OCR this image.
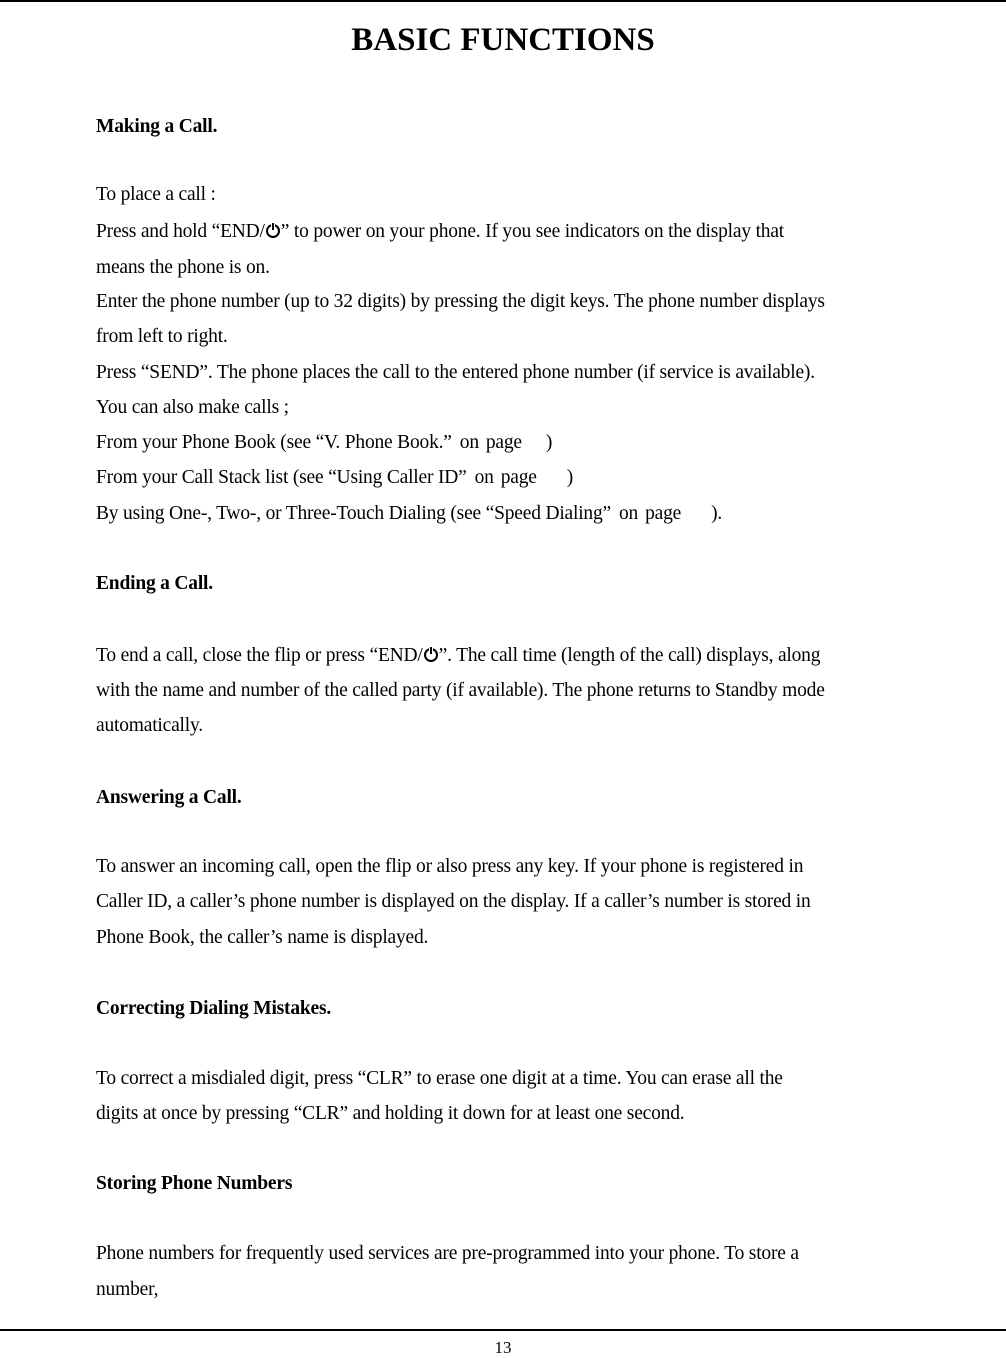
BASIC FUNCTIONS
Making a Call.
To place a call :
Press and hold “END/ ” to power on your phone. If you see indicators on the display that
means the phone is on.
Enter the phone number (up to 32 digits) by pressing the digit keys. The phone number displays
from left to right.
Press “SEND”. The phone places the call to the entered phone number (if service is available).
You can also make calls ;
From your Phone Book (see “V. Phone Book.” on page )
From your Call Stack list (see “Using Caller ID” on page )
By using One-, Two-, or Three-Touch Dialing (see “Speed Dialing” on page ).
Ending a Call.
To end a call, close the flip or press “END/ ”. The call time (length of the call) displays, along
with the name and number of the called party (if available). The phone returns to Standby mode
automatically.
Answering a Call.
To answer an incoming call, open the flip or also press any key. If your phone is registered in
Caller ID, a caller’s phone number is displayed on the display. If a caller’s number is stored in
Phone Book, the caller’s name is displayed.
Correcting Dialing Mistakes.
To correct a misdialed digit, press “CLR” to erase one digit at a time. You can erase all the
digits at once by pressing “CLR” and holding it down for at least one second.
Storing Phone Numbers
Phone numbers for frequently used services are pre-programmed into your phone. To store a
number,
13
